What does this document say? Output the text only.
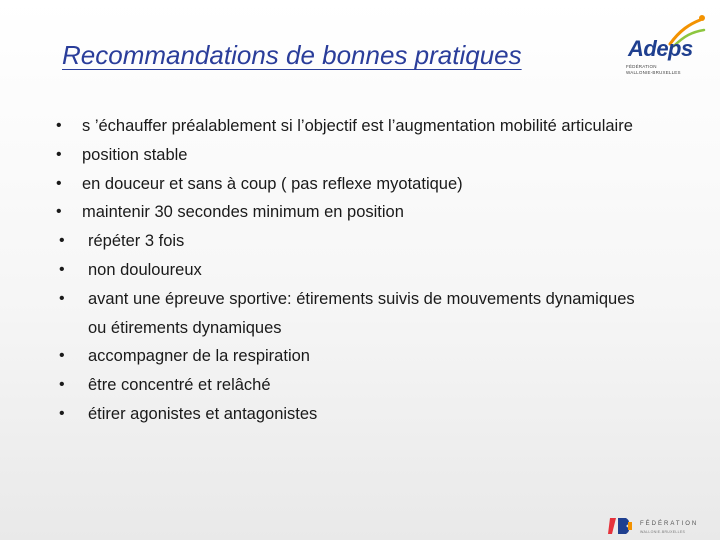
Recommandations de bonnes pratiques	Adeps
FÉDÉRATION
WALLONIE-BRUXELLES
• s ’échauffer préalablement si l’objectif est l’augmentation mobilité articulaire
• position stable
• en douceur et sans à coup ( pas reflexe myotatique)
• maintenir 30 secondes minimum en position
• répéter 3 fois
• non douloureux
• avant une épreuve sportive: étirements suivis de mouvements dynamiques ou étirements dynamiques
• accompagner de la respiration
• être concentré et relâché
• étirer agonistes et antagonistes
FÉDÉRATION
WALLONIE-BRUXELLES
